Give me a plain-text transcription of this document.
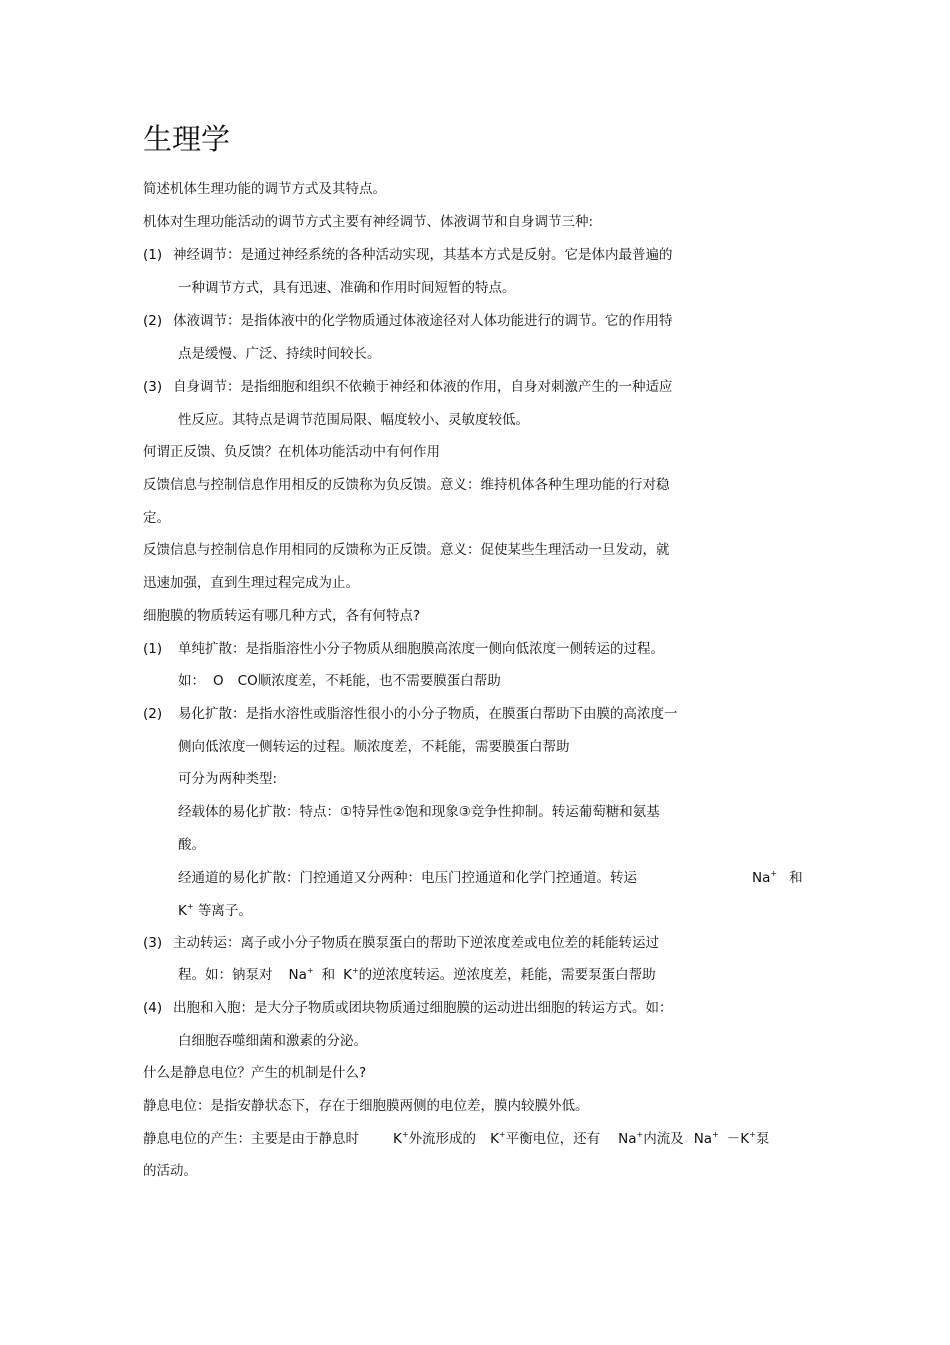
生理学
简述机体生理功能的调节方式及其特点。
机体对生理功能活动的调节方式主要有神经调节、体液调节和自身调节三种:
(1) 神经调节：是通过神经系统的各种活动实现，其基本方式是反射。它是体内最普遍的
一种调节方式，具有迅速、准确和作用时间短暂的特点。
(2) 体液调节：是指体液中的化学物质通过体液途径对人体功能进行的调节。它的作用特
点是缓慢、广泛、持续时间较长。
(3) 自身调节：是指细胞和组织不依赖于神经和体液的作用，自身对刺激产生的一种适应
性反应。其特点是调节范围局限、幅度较小、灵敏度较低。
何谓正反馈、负反馈？在机体功能活动中有何作用
反馈信息与控制信息作用相反的反馈称为负反馈。意义：维持机体各种生理功能的行对稳
定。
反馈信息与控制信息作用相同的反馈称为正反馈。意义：促使某些生理活动一旦发动，就
迅速加强，直到生理过程完成为止。
细胞膜的物质转运有哪几种方式，各有何特点?
(1) 单纯扩散：是指脂溶性小分子物质从细胞膜高浓度一侧向低浓度一侧转运的过程。
如： O CO顺浓度差，不耗能，也不需要膜蛋白帮助
(2) 易化扩散：是指水溶性或脂溶性很小的小分子物质，在膜蛋白帮助下由膜的高浓度一
侧向低浓度一侧转运的过程。顺浓度差，不耗能，需要膜蛋白帮助
可分为两种类型:
经载体的易化扩散：特点：①特异性②饱和现象③竞争性抑制。转运葡萄糖和氨基
酸。
经通道的易化扩散：门控通道又分两种：电压门控通道和化学门控通道。转运	Na+ 和
K+ 等离子。
(3) 主动转运：离子或小分子物质在膜泵蛋白的帮助下逆浓度差或电位差的耗能转运过
程。如：钠泵对 Na+ 和 K+的逆浓度转运。逆浓度差，耗能，需要泵蛋白帮助
(4) 出胞和入胞：是大分子物质或团块物质通过细胞膜的运动进出细胞的转运方式。如：
白细胞吞噬细菌和激素的分泌。
什么是静息电位？产生的机制是什么?
静息电位：是指安静状态下，存在于细胞膜两侧的电位差，膜内较膜外低。
静息电位的产生：主要是由于静息时	K+外流形成的 K+平衡电位，还有 Na+内流及 Na+ －K+泵
的活动。
